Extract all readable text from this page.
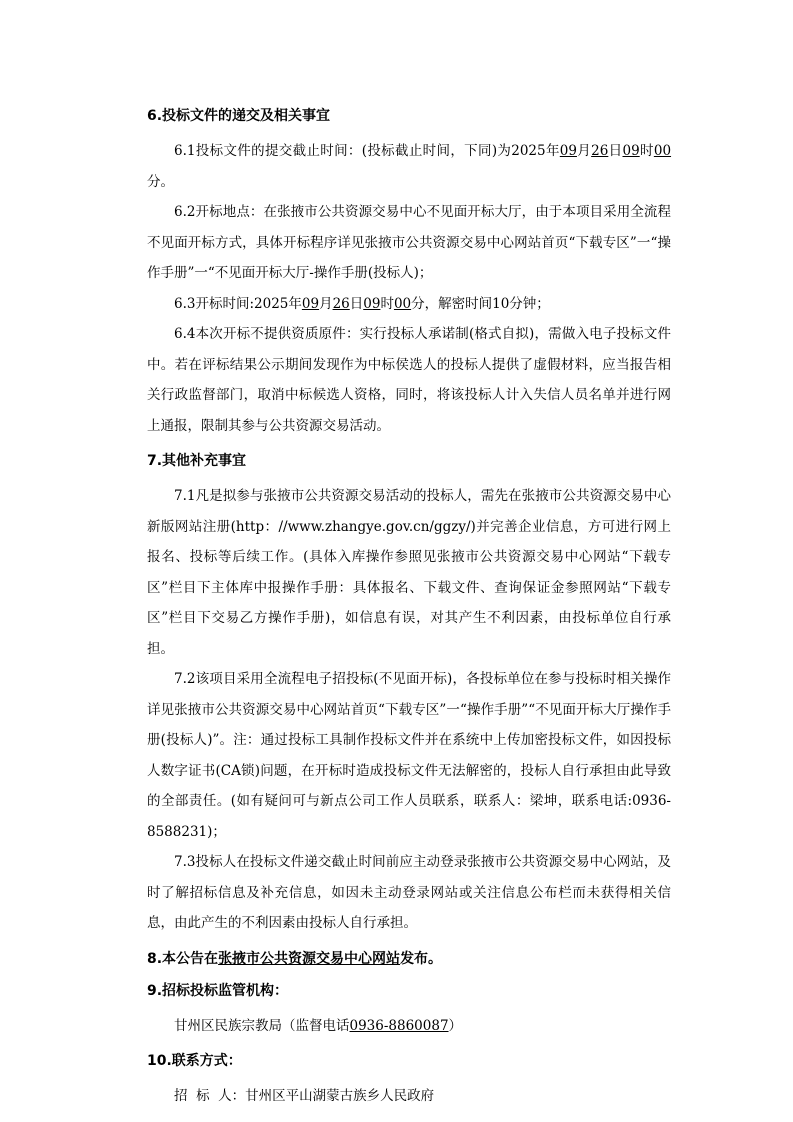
6.投标文件的递交及相关事宜

6.1投标文件的提交截止时间：(投标截止时间，下同)为2025年09月26日09时00分。

6.2开标地点：在张掖市公共资源交易中心不见面开标大厅，由于本项目采用全流程不见面开标方式，具体开标程序详见张掖市公共资源交易中心网站首页“下载专区”一“操作手册”一“不见面开标大厅-操作手册(投标人)；

6.3开标时间:2025年09月26日09时00分，解密时间10分钟；

6.4本次开标不提供资质原件：实行投标人承诺制(格式自拟)，需做入电子投标文件中。若在评标结果公示期间发现作为中标侯选人的投标人提供了虚假材料，应当报告相关行政监督部门，取消中标候选人资格，同时，将该投标人计入失信人员名单并进行网上通报，限制其参与公共资源交易活动。

7.其他补充事宜

7.1凡是拟参与张掖市公共资源交易活动的投标人，需先在张掖市公共资源交易中心新版网站注册(http：//www.zhangye.gov.cn/ggzy/)并完善企业信息，方可进行网上报名、投标等后续工作。(具体入库操作参照见张掖市公共资源交易中心网站“下载专区”栏目下主体库中报操作手册：具体报名、下载文件、查询保证金参照网站“下载专区”栏目下交易乙方操作手册)，如信息有误，对其产生不利因素，由投标单位自行承担。

7.2该项目采用全流程电子招投标(不见面开标)，各投标单位在参与投标时相关操作详见张掖市公共资源交易中心网站首页“下载专区”一“操作手册”“不见面开标大厅操作手册(投标人)”。注：通过投标工具制作投标文件并在系统中上传加密投标文件，如因投标人数字证书(CA锁)问题，在开标时造成投标文件无法解密的，投标人自行承担由此导致的全部责任。(如有疑问可与新点公司工作人员联系，联系人：梁坤，联系电话:0936-8588231)；

7.3投标人在投标文件递交截止时间前应主动登录张掖市公共资源交易中心网站，及时了解招标信息及补充信息，如因未主动登录网站或关注信息公布栏而未获得相关信息，由此产生的不利因素由投标人自行承担。

8.本公告在张掖市公共资源交易中心网站发布。

9.招标投标监管机构：

甘州区民族宗教局（监督电话0936-8860087）

10.联系方式：

招  标  人：甘州区平山湖蒙古族乡人民政府
